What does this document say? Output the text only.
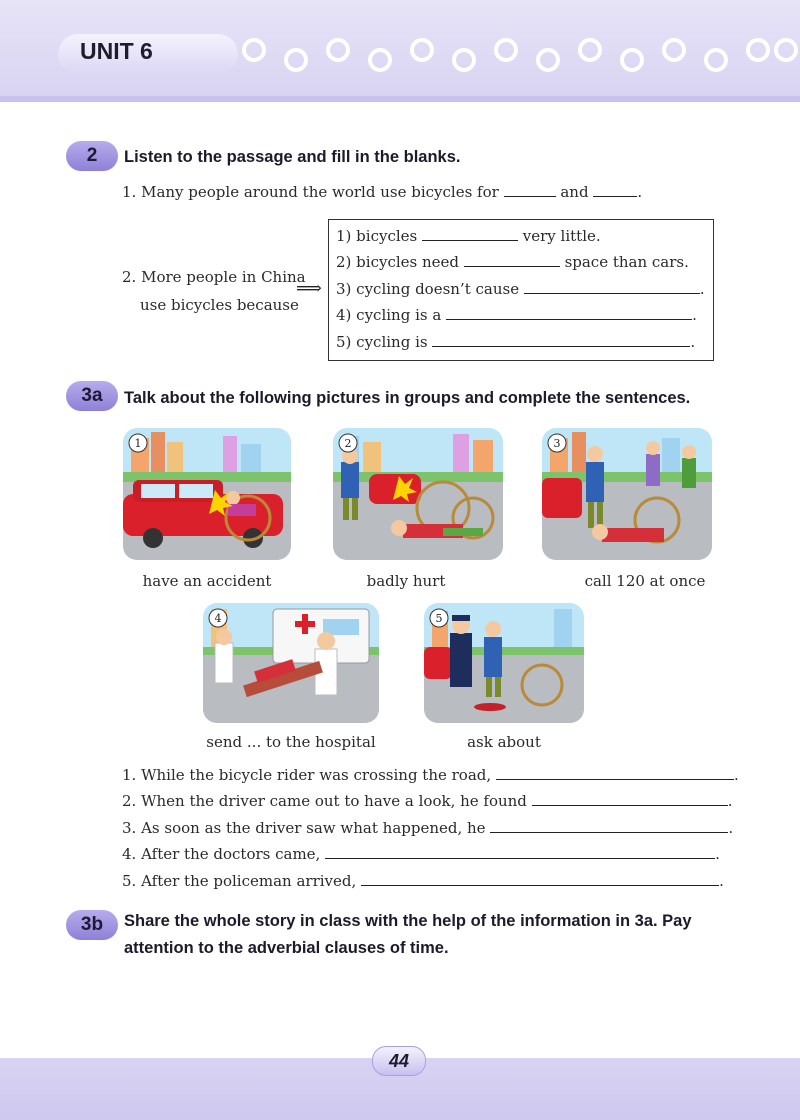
UNIT 6
2	Listen to the passage and fill in the blanks.
1. Many people around the world use bicycles for	and	.
2. More people in China
use bicycles because
⟹
1) bicycles	very little.
2) bicycles need	space than cars.
3) cycling doesn’t cause	.
4) cycling is a	.
5) cycling is	.
3a	Talk about the following pictures in groups and complete the sentences.
1	2	3
have an accident	badly hurt	call 120 at once
4	5
send ... to the hospital	ask about
1. While the bicycle rider was crossing the road,	.
2. When the driver came out to have a look, he found	.
3. As soon as the driver saw what happened, he	.
4. After the doctors came,	.
5. After the policeman arrived,	.
3b	Share the whole story in class with the help of the information in 3a. Pay
attention to the adverbial clauses of time.
44
